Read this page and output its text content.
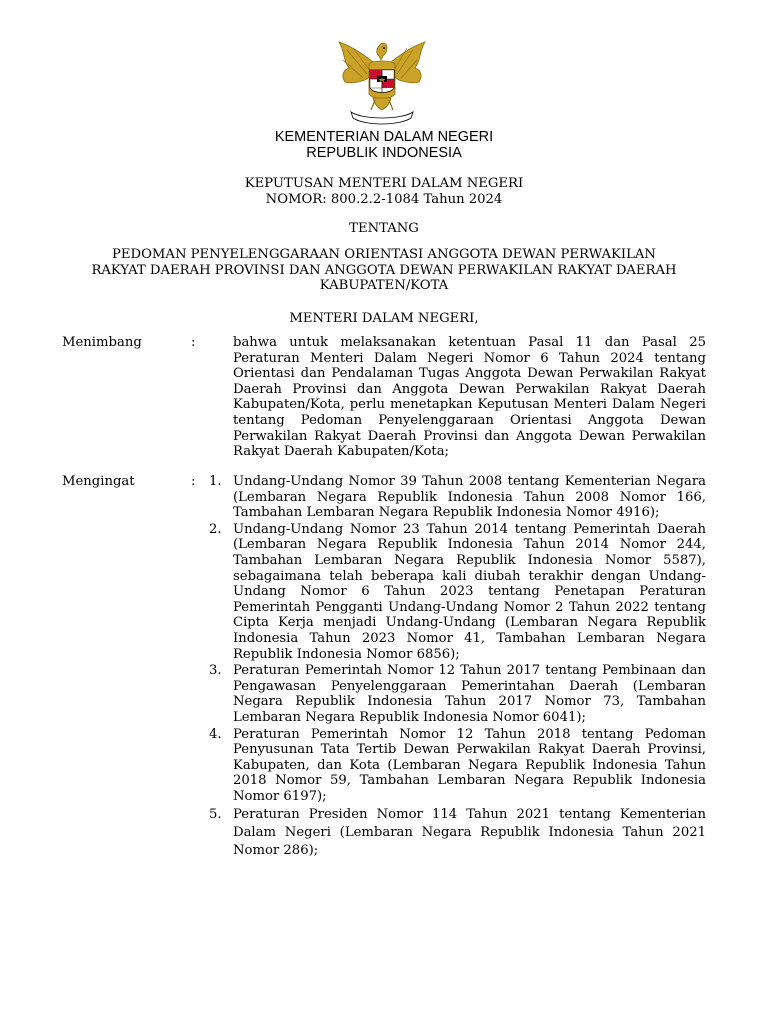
KEMENTERIAN DALAM NEGERI
REPUBLIK INDONESIA
KEPUTUSAN MENTERI DALAM NEGERI
NOMOR: 800.2.2-1084 Tahun 2024
TENTANG
PEDOMAN PENYELENGGARAAN ORIENTASI ANGGOTA DEWAN PERWAKILAN
RAKYAT DAERAH PROVINSI DAN ANGGOTA DEWAN PERWAKILAN RAKYAT DAERAH
KABUPATEN/KOTA
MENTERI DALAM NEGERI,
Menimbang	:	bahwa untuk melaksanakan ketentuan Pasal 11 dan Pasal 25 Peraturan Menteri Dalam Negeri Nomor 6 Tahun 2024 tentang Orientasi dan Pendalaman Tugas Anggota Dewan Perwakilan Rakyat Daerah Provinsi dan Anggota Dewan Perwakilan Rakyat Daerah Kabupaten/Kota, perlu menetapkan Keputusan Menteri Dalam Negeri tentang Pedoman Penyelenggaraan Orientasi Anggota Dewan Perwakilan Rakyat Daerah Provinsi dan Anggota Dewan Perwakilan Rakyat Daerah Kabupaten/Kota;
Mengingat	: 1. Undang-Undang Nomor 39 Tahun 2008 tentang Kementerian Negara (Lembaran Negara Republik Indonesia Tahun 2008 Nomor 166, Tambahan Lembaran Negara Republik Indonesia Nomor 4916);
2. Undang-Undang Nomor 23 Tahun 2014 tentang Pemerintah Daerah (Lembaran Negara Republik Indonesia Tahun 2014 Nomor 244, Tambahan Lembaran Negara Republik Indonesia Nomor 5587), sebagaimana telah beberapa kali diubah terakhir dengan Undang-Undang Nomor 6 Tahun 2023 tentang Penetapan Peraturan Pemerintah Pengganti Undang-Undang Nomor 2 Tahun 2022 tentang Cipta Kerja menjadi Undang-Undang (Lembaran Negara Republik Indonesia Tahun 2023 Nomor 41, Tambahan Lembaran Negara Republik Indonesia Nomor 6856);
3. Peraturan Pemerintah Nomor 12 Tahun 2017 tentang Pembinaan dan Pengawasan Penyelenggaraan Pemerintahan Daerah (Lembaran Negara Republik Indonesia Tahun 2017 Nomor 73, Tambahan Lembaran Negara Republik Indonesia Nomor 6041);
4. Peraturan Pemerintah Nomor 12 Tahun 2018 tentang Pedoman Penyusunan Tata Tertib Dewan Perwakilan Rakyat Daerah Provinsi, Kabupaten, dan Kota (Lembaran Negara Republik Indonesia Tahun 2018 Nomor 59, Tambahan Lembaran Negara Republik Indonesia Nomor 6197);
5. Peraturan Presiden Nomor 114 Tahun 2021 tentang Kementerian Dalam Negeri (Lembaran Negara Republik Indonesia Tahun 2021 Nomor 286);
